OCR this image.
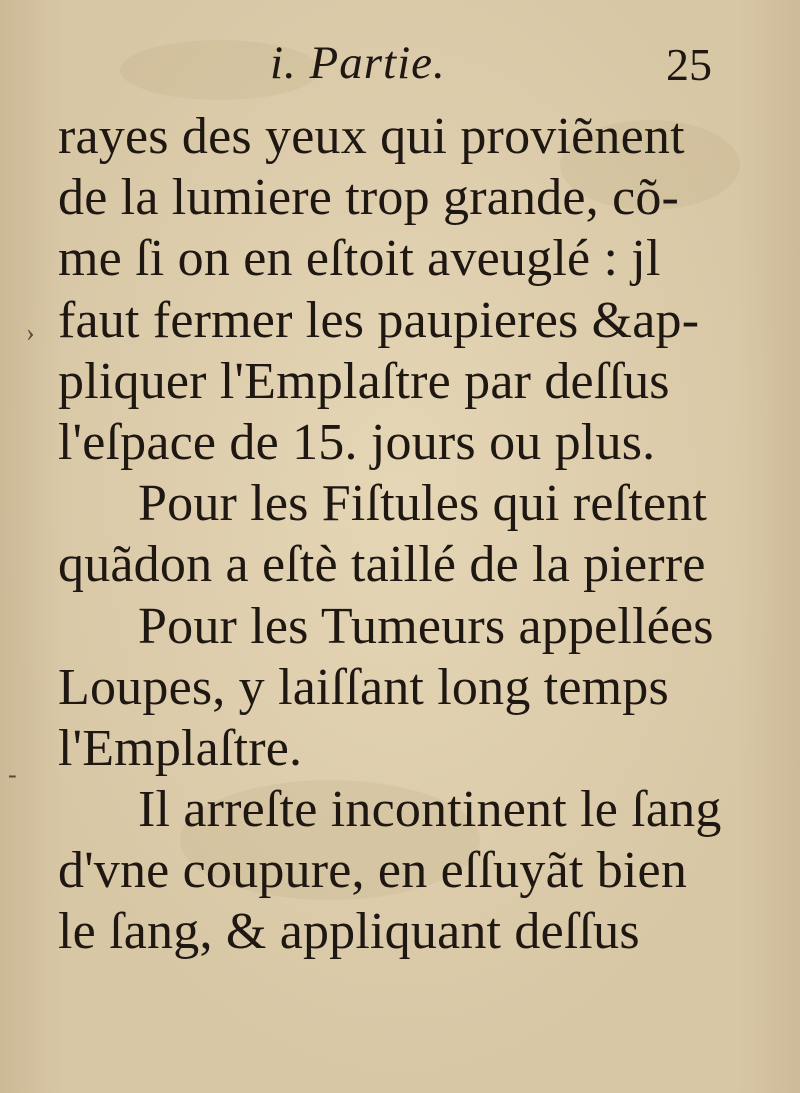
›
-
i. Partie.	25
rayes des yeux qui proviẽnent
de la lumiere trop grande, cõ-
me ſi on en eſtoit aveuglé : jl
faut fermer les paupieres &ap-
pliquer l'Emplaſtre par deſſus
l'eſpace de 15. jours ou plus.
Pour les Fiſtules qui reſtent
quãdon a eſtè taillé de la pierre
Pour les Tumeurs appellées
Loupes, y laiſſant long temps
l'Emplaſtre.
Il arreſte incontinent le ſang
d'vne coupure, en eſſuyãt bien
le ſang, & appliquant deſſus
